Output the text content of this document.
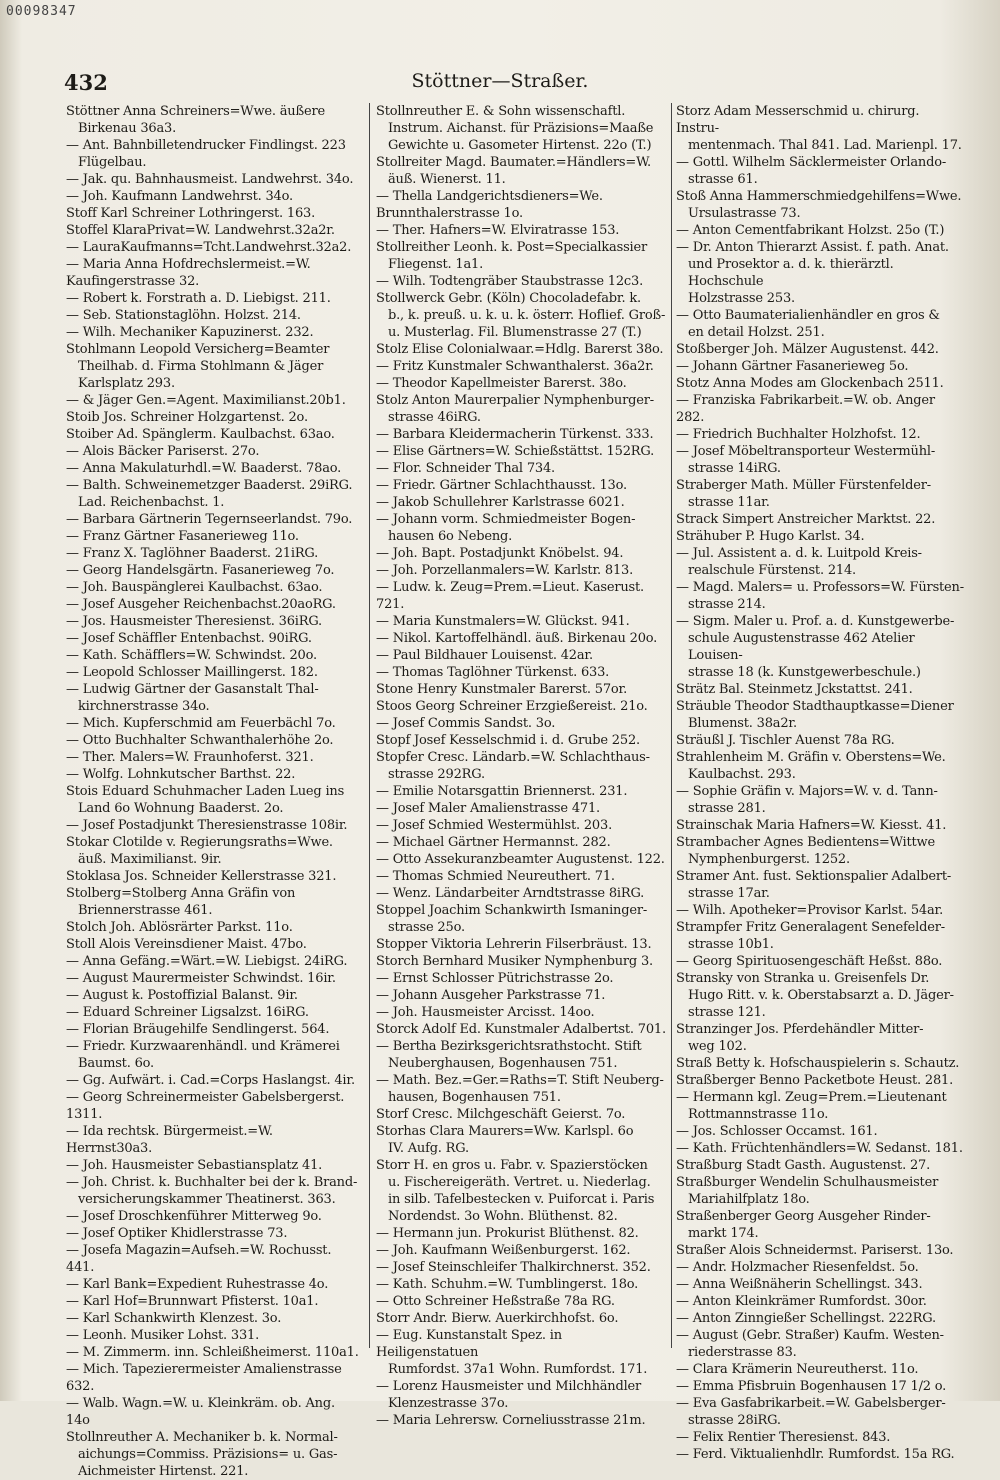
00098347
432	Stöttner—Straßer.
Stöttner Anna Schreiners=Wwe. äußere
Birkenau 36a3.
— Ant. Bahnbilletendrucker Findlingst. 223
Flügelbau.
— Jak. qu. Bahnhausmeist. Landwehrst. 34o.
— Joh. Kaufmann Landwehrst. 34o.
Stoff Karl Schreiner Lothringerst. 163.
Stoffel KlaraPrivat=W. Landwehrst.32a2r.
— LauraKaufmanns=Tcht.Landwehrst.32a2.
— Maria Anna Hofdrechslermeist.=W. Kaufingerstrasse 32.
— Robert k. Forstrath a. D. Liebigst. 211.
— Seb. Stationstaglöhn. Holzst. 214.
— Wilh. Mechaniker Kapuzinerst. 232.
Stohlmann Leopold Versicherg=Beamter
Theilhab. d. Firma Stohlmann & Jäger
Karlsplatz 293.
— & Jäger Gen.=Agent. Maximilianst.20b1.
Stoib Jos. Schreiner Holzgartenst. 2o.
Stoiber Ad. Spänglerm. Kaulbachst. 63ao.
— Alois Bäcker Pariserst. 27o.
— Anna Makulaturhdl.=W. Baaderst. 78ao.
— Balth. Schweinemetzger Baaderst. 29iRG.
Lad. Reichenbachst. 1.
— Barbara Gärtnerin Tegernseerlandst. 79o.
— Franz Gärtner Fasanerieweg 11o.
— Franz X. Taglöhner Baaderst. 21iRG.
— Georg Handelsgärtn. Fasanerieweg 7o.
— Joh. Bauspänglerei Kaulbachst. 63ao.
— Josef Ausgeher Reichenbachst.20aoRG.
— Jos. Hausmeister Theresienst. 36iRG.
— Josef Schäffler Entenbachst. 90iRG.
— Kath. Schäfflers=W. Schwindst. 20o.
— Leopold Schlosser Maillingerst. 182.
— Ludwig Gärtner der Gasanstalt Thal-
kirchnerstrasse 34o.
— Mich. Kupferschmid am Feuerbächl 7o.
— Otto Buchhalter Schwanthalerhöhe 2o.
— Ther. Malers=W. Fraunhoferst. 321.
— Wolfg. Lohnkutscher Barthst. 22.
Stois Eduard Schuhmacher Laden Lueg ins
Land 6o Wohnung Baaderst. 2o.
— Josef Postadjunkt Theresienstrasse 108ir.
Stokar Clotilde v. Regierungsraths=Wwe.
äuß. Maximilianst. 9ir.
Stoklasa Jos. Schneider Kellerstrasse 321.
Stolberg=Stolberg Anna Gräfin von
Briennerstrasse 461.
Stolch Joh. Ablösrärter Parkst. 11o.
Stoll Alois Vereinsdiener Maist. 47bo.
— Anna Gefäng.=Wärt.=W. Liebigst. 24iRG.
— August Maurermeister Schwindst. 16ir.
— August k. Postoffizial Balanst. 9ir.
— Eduard Schreiner Ligsalzst. 16iRG.
— Florian Bräugehilfe Sendlingerst. 564.
— Friedr. Kurzwaarenhändl. und Krämerei
Baumst. 6o.
— Gg. Aufwärt. i. Cad.=Corps Haslangst. 4ir.
— Georg Schreinermeister Gabelsbergerst. 1311.
— Ida rechtsk. Bürgermeist.=W. Herrnst30a3.
— Joh. Hausmeister Sebastiansplatz 41.
— Joh. Christ. k. Buchhalter bei der k. Brand-
versicherungskammer Theatinerst. 363.
— Josef Droschkenführer Mitterweg 9o.
— Josef Optiker Khidlerstrasse 73.
— Josefa Magazin=Aufseh.=W. Rochusst. 441.
— Karl Bank=Expedient Ruhestrasse 4o.
— Karl Hof=Brunnwart Pfisterst. 10a1.
— Karl Schankwirth Klenzest. 3o.
— Leonh. Musiker Lohst. 331.
— M. Zimmerm. inn. Schleißheimerst. 110a1.
— Mich. Tapezierermeister Amalienstrasse 632.
— Walb. Wagn.=W. u. Kleinkräm. ob. Ang. 14o
Stollnreuther A. Mechaniker b. k. Normal-
aichungs=Commiss. Präzisions= u. Gas-
Aichmeister Hirtenst. 221.
Stollnreuther E. & Sohn wissenschaftl.
Instrum. Aichanst. für Präzisions=Maaße
Gewichte u. Gasometer Hirtenst. 22o (T.)
Stollreiter Magd. Baumater.=Händlers=W.
äuß. Wienerst. 11.
— Thella Landgerichtsdieners=We. Brunnthalerstrasse 1o.
— Ther. Hafners=W. Elviratrasse 153.
Stollreither Leonh. k. Post=Specialkassier
Fliegenst. 1a1.
— Wilh. Todtengräber Staubstrasse 12c3.
Stollwerck Gebr. (Köln) Chocoladefabr. k.
b., k. preuß. u. k. u. k. österr. Hoflief. Groß-
u. Musterlag. Fil. Blumenstrasse 27 (T.)
Stolz Elise Colonialwaar.=Hdlg. Barerst 38o.
— Fritz Kunstmaler Schwanthalerst. 36a2r.
— Theodor Kapellmeister Barerst. 38o.
Stolz Anton Maurerpalier Nymphenburger-
strasse 46iRG.
— Barbara Kleidermacherin Türkenst. 333.
— Elise Gärtners=W. Schießstättst. 152RG.
— Flor. Schneider Thal 734.
— Friedr. Gärtner Schlachthausst. 13o.
— Jakob Schullehrer Karlstrasse 6021.
— Johann vorm. Schmiedmeister Bogen-
hausen 6o Nebeng.
— Joh. Bapt. Postadjunkt Knöbelst. 94.
— Joh. Porzellanmalers=W. Karlstr. 813.
— Ludw. k. Zeug=Prem.=Lieut. Kaserust. 721.
— Maria Kunstmalers=W. Glückst. 941.
— Nikol. Kartoffelhändl. äuß. Birkenau 20o.
— Paul Bildhauer Louisenst. 42ar.
— Thomas Taglöhner Türkenst. 633.
Stone Henry Kunstmaler Barerst. 57or.
Stoos Georg Schreiner Erzgießereist. 21o.
— Josef Commis Sandst. 3o.
Stopf Josef Kesselschmid i. d. Grube 252.
Stopfer Cresc. Ländarb.=W. Schlachthaus-
strasse 292RG.
— Emilie Notarsgattin Briennerst. 231.
— Josef Maler Amalienstrasse 471.
— Josef Schmied Westermühlst. 203.
— Michael Gärtner Hermannst. 282.
— Otto Assekuranzbeamter Augustenst. 122.
— Thomas Schmied Neureuthert. 71.
— Wenz. Ländarbeiter Arndtstrasse 8iRG.
Stoppel Joachim Schankwirth Ismaninger-
strasse 25o.
Stopper Viktoria Lehrerin Filserbräust. 13.
Storch Bernhard Musiker Nymphenburg 3.
— Ernst Schlosser Pütrichstrasse 2o.
— Johann Ausgeher Parkstrasse 71.
— Joh. Hausmeister Arcisst. 14oo.
Storck Adolf Ed. Kunstmaler Adalbertst. 701.
— Bertha Bezirksgerichtsrathstocht. Stift
Neuberghausen, Bogenhausen 751.
— Math. Bez.=Ger.=Raths=T. Stift Neuberg-
hausen, Bogenhausen 751.
Storf Cresc. Milchgeschäft Geierst. 7o.
Storhas Clara Maurers=Ww. Karlspl. 6o
IV. Aufg. RG.
Storr H. en gros u. Fabr. v. Spazierstöcken
u. Fischereigeräth. Vertret. u. Niederlag.
in silb. Tafelbestecken v. Puiforcat i. Paris
Nordendst. 3o Wohn. Blüthenst. 82.
— Hermann jun. Prokurist Blüthenst. 82.
— Joh. Kaufmann Weißenburgerst. 162.
— Josef Steinschleifer Thalkirchnerst. 352.
— Kath. Schuhm.=W. Tumblingerst. 18o.
— Otto Schreiner Heßstraße 78a RG.
Storr Andr. Bierw. Auerkirchhofst. 6o.
— Eug. Kunstanstalt Spez. in Heiligenstatuen
Rumfordst. 37a1 Wohn. Rumfordst. 171.
— Lorenz Hausmeister und Milchhändler
Klenzestrasse 37o.
— Maria Lehrersw. Corneliusstrasse 21m.
Storz Adam Messerschmid u. chirurg. Instru-
mentenmach. Thal 841. Lad. Marienpl. 17.
— Gottl. Wilhelm Säcklermeister Orlando-
strasse 61.
Stoß Anna Hammerschmiedgehilfens=Wwe.
Ursulastrasse 73.
— Anton Cementfabrikant Holzst. 25o (T.)
— Dr. Anton Thierarzt Assist. f. path. Anat.
und Prosektor a. d. k. thierärztl. Hochschule
Holzstrasse 253.
— Otto Baumaterialienhändler en gros &
en detail Holzst. 251.
Stoßberger Joh. Mälzer Augustenst. 442.
— Johann Gärtner Fasanerieweg 5o.
Stotz Anna Modes am Glockenbach 2511.
— Franziska Fabrikarbeit.=W. ob. Anger 282.
— Friedrich Buchhalter Holzhofst. 12.
— Josef Möbeltransporteur Westermühl-
strasse 14iRG.
Straberger Math. Müller Fürstenfelder-
strasse 11ar.
Strack Simpert Anstreicher Marktst. 22.
Strähuber P. Hugo Karlst. 34.
— Jul. Assistent a. d. k. Luitpold Kreis-
realschule Fürstenst. 214.
— Magd. Malers= u. Professors=W. Fürsten-
strasse 214.
— Sigm. Maler u. Prof. a. d. Kunstgewerbe-
schule Augustenstrasse 462 Atelier Louisen-
strasse 18 (k. Kunstgewerbeschule.)
Strätz Bal. Steinmetz Jckstattst. 241.
Sträuble Theodor Stadthauptkasse=Diener
Blumenst. 38a2r.
Sträußl J. Tischler Auenst 78a RG.
Strahlenheim M. Gräfin v. Oberstens=We.
Kaulbachst. 293.
— Sophie Gräfin v. Majors=W. v. d. Tann-
strasse 281.
Strainschak Maria Hafners=W. Kiesst. 41.
Strambacher Agnes Bedientens=Wittwe
Nymphenburgerst. 1252.
Stramer Ant. fust. Sektionspalier Adalbert-
strasse 17ar.
— Wilh. Apotheker=Provisor Karlst. 54ar.
Strampfer Fritz Generalagent Senefelder-
strasse 10b1.
— Georg Spirituosengeschäft Heßst. 88o.
Stransky von Stranka u. Greisenfels Dr.
Hugo Ritt. v. k. Oberstabsarzt a. D. Jäger-
strasse 121.
Stranzinger Jos. Pferdehändler Mitter-
weg 102.
Straß Betty k. Hofschauspielerin s. Schautz.
Straßberger Benno Packetbote Heust. 281.
— Hermann kgl. Zeug=Prem.=Lieutenant
Rottmannstrasse 11o.
— Jos. Schlosser Occamst. 161.
— Kath. Früchtenhändlers=W. Sedanst. 181.
Straßburg Stadt Gasth. Augustenst. 27.
Straßburger Wendelin Schulhausmeister
Mariahilfplatz 18o.
Straßenberger Georg Ausgeher Rinder-
markt 174.
Straßer Alois Schneidermst. Pariserst. 13o.
— Andr. Holzmacher Riesenfeldst. 5o.
— Anna Weißnäherin Schellingst. 343.
— Anton Kleinkrämer Rumfordst. 30or.
— Anton Zinngießer Schellingst. 222RG.
— August (Gebr. Straßer) Kaufm. Westen-
riederstrasse 83.
— Clara Krämerin Neureutherst. 11o.
— Emma Pfisbruin Bogenhausen 17 1/2 o.
— Eva Gasfabrikarbeit.=W. Gabelsberger-
strasse 28iRG.
— Felix Rentier Theresienst. 843.
— Ferd. Viktualienhdlr. Rumfordst. 15a RG.
